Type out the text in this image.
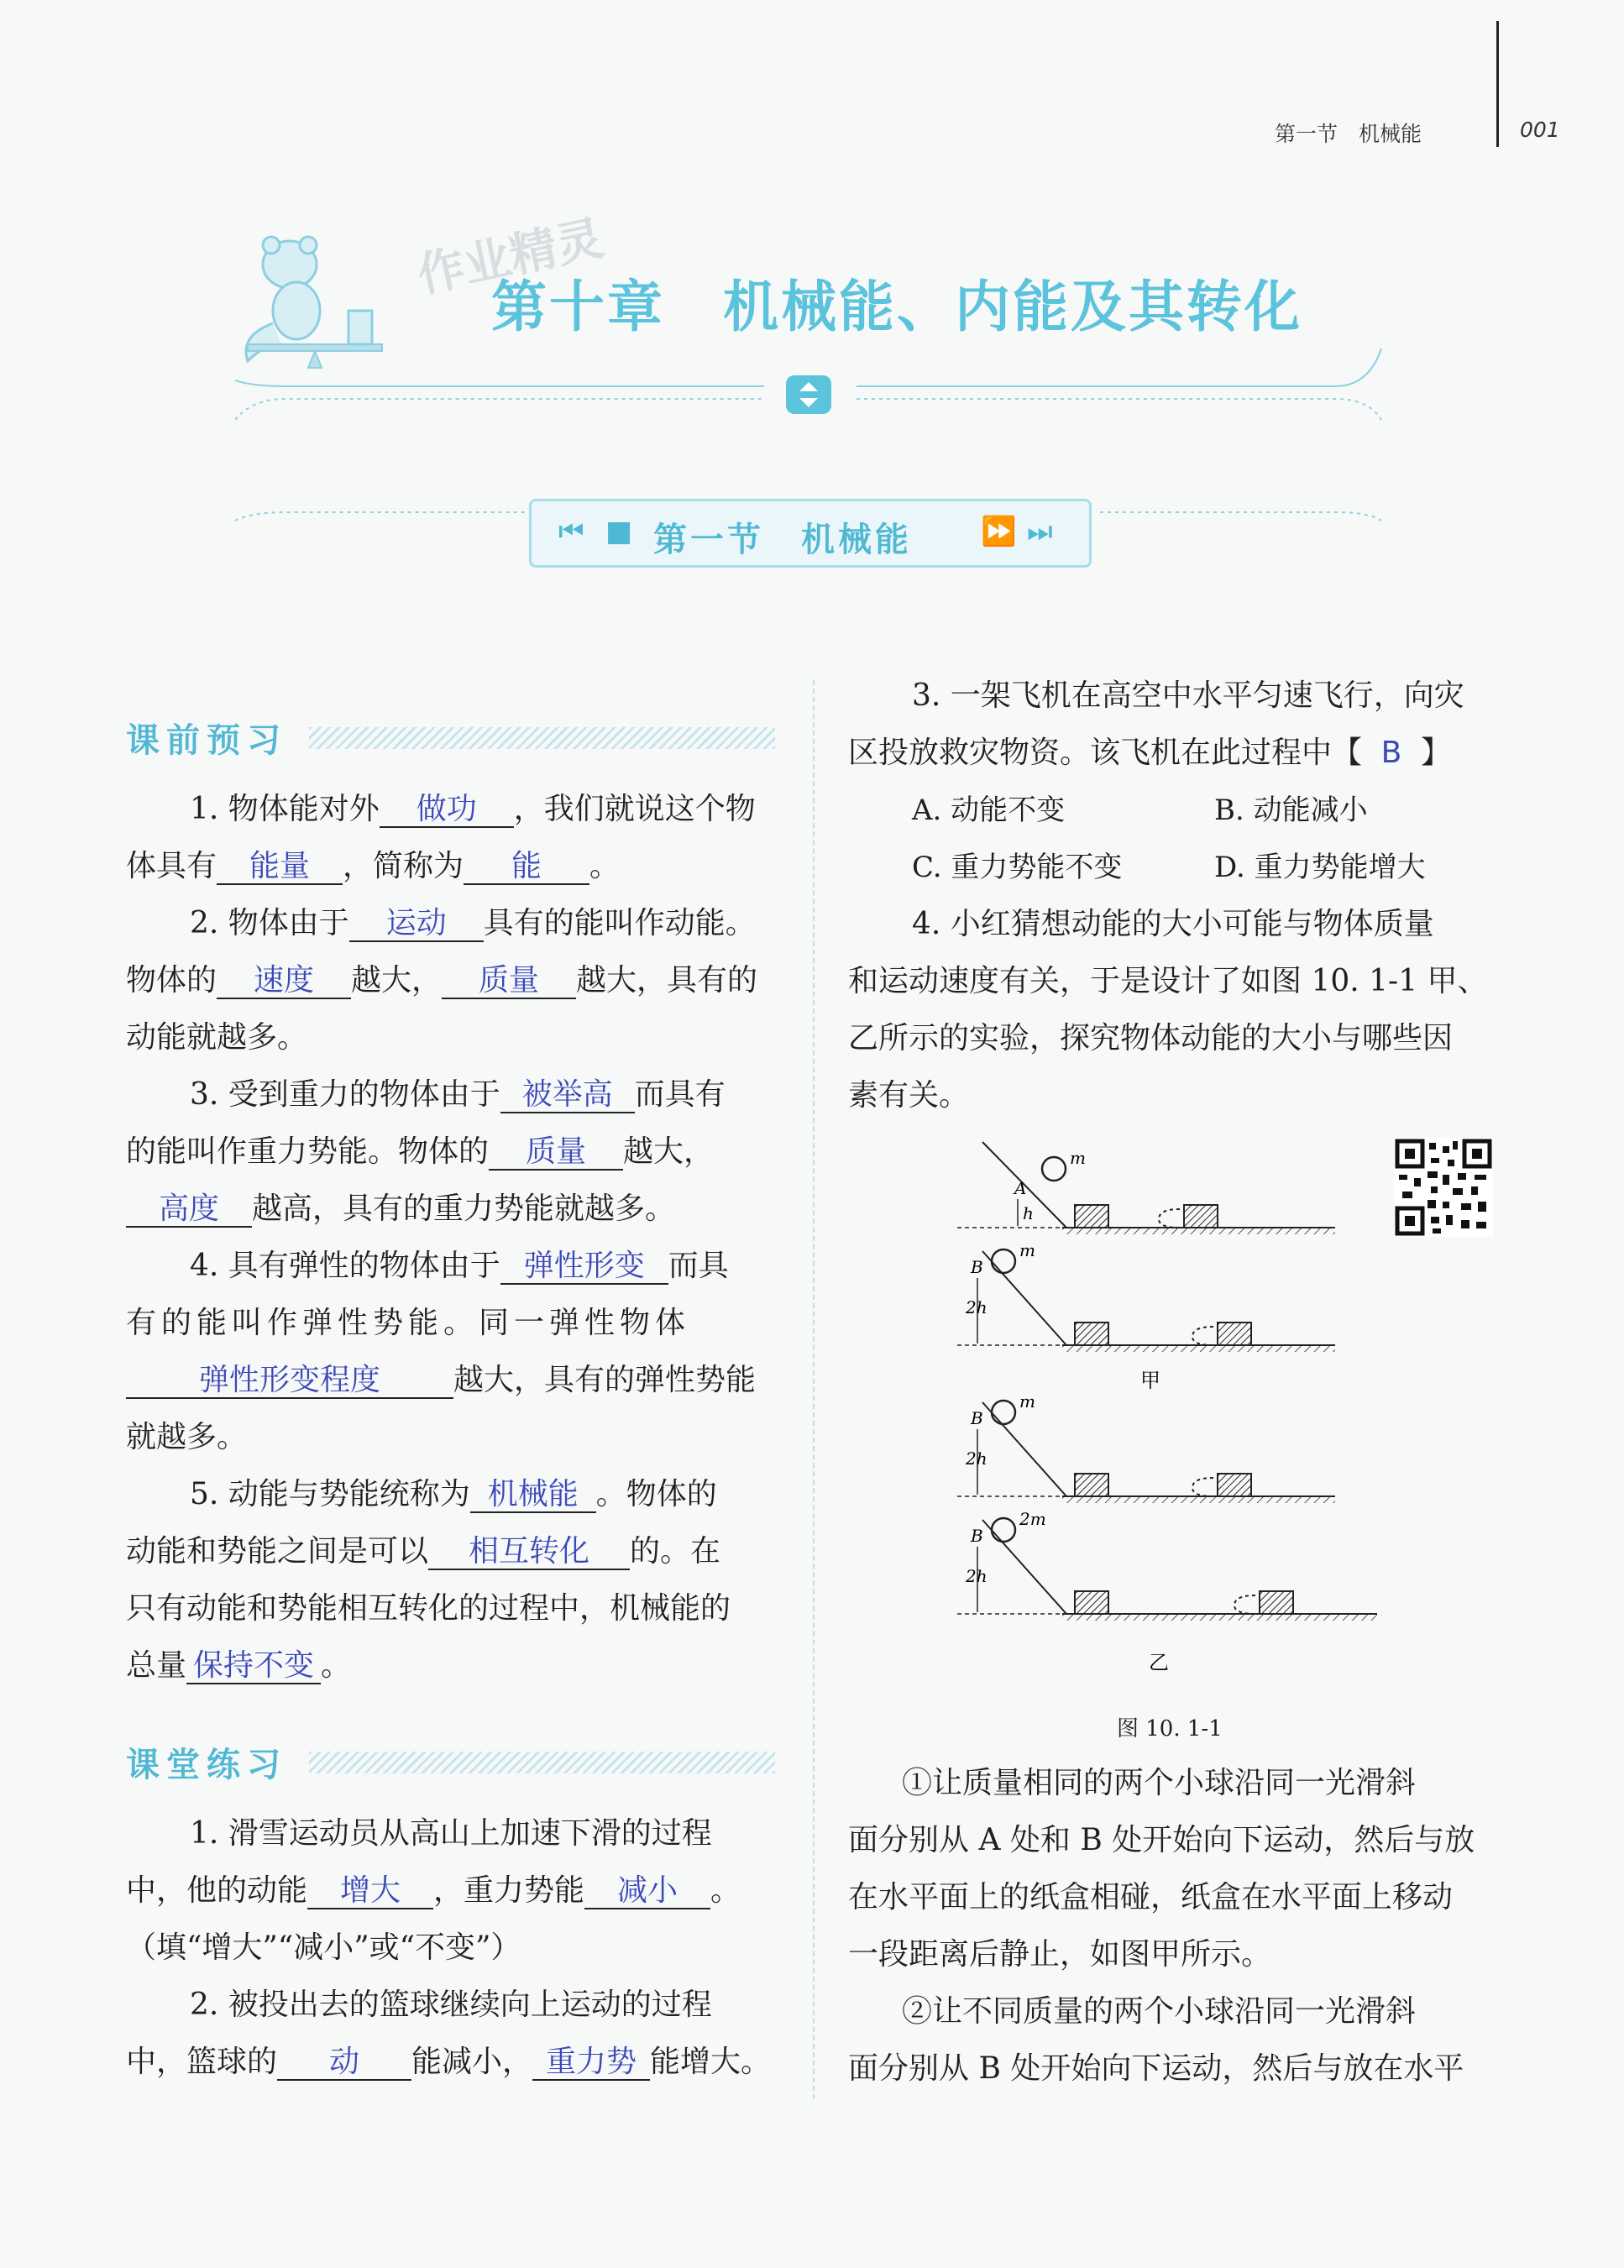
第一节　机械能	001
作业精灵
第十章　机械能、内能及其转化
⏮ ■ 第一节　机械能 ⏩ ⏭
课前预习
1. 物体能对外 做功 ，我们就说这个物
体具有 能量 ，简称为 能 。
2. 物体由于 运动 具有的能叫作动能。
物体的 速度 越大， 质量 越大，具有的
动能就越多。
3. 受到重力的物体由于 被举高 而具有
的能叫作重力势能。物体的 质量 越大，
高度 越高，具有的重力势能就越多。
4. 具有弹性的物体由于 弹性形变 而具
有的能叫作弹性势能。同一弹性物体
弹性形变程度 越大，具有的弹性势能
就越多。
5. 动能与势能统称为 机械能 。物体的
动能和势能之间是可以 相互转化 的。在
只有动能和势能相互转化的过程中，机械能的
总量 保持不变 。
课堂练习
1. 滑雪运动员从高山上加速下滑的过程
中，他的动能 增大 ，重力势能 减小 。
（填“增大”“减小”或“不变”）
2. 被投出去的篮球继续向上运动的过程
中，篮球的 动 能减小， 重力势 能增大。
3. 一架飞机在高空中水平匀速飞行，向灾
区投放救灾物资。该飞机在此过程中【 B 】
A. 动能不变	B. 动能减小
C. 重力势能不变	D. 重力势能增大
4. 小红猜想动能的大小可能与物体质量
和运动速度有关，于是设计了如图 10. 1-1 甲、
乙所示的实验，探究物体动能的大小与哪些因
素有关。
m
A
h
m
B
2h
甲
m
B
2h
2m
B
2h
乙
图 10. 1-1
①让质量相同的两个小球沿同一光滑斜
面分别从 A 处和 B 处开始向下运动，然后与放
在水平面上的纸盒相碰，纸盒在水平面上移动
一段距离后静止，如图甲所示。
②让不同质量的两个小球沿同一光滑斜
面分别从 B 处开始向下运动，然后与放在水平
